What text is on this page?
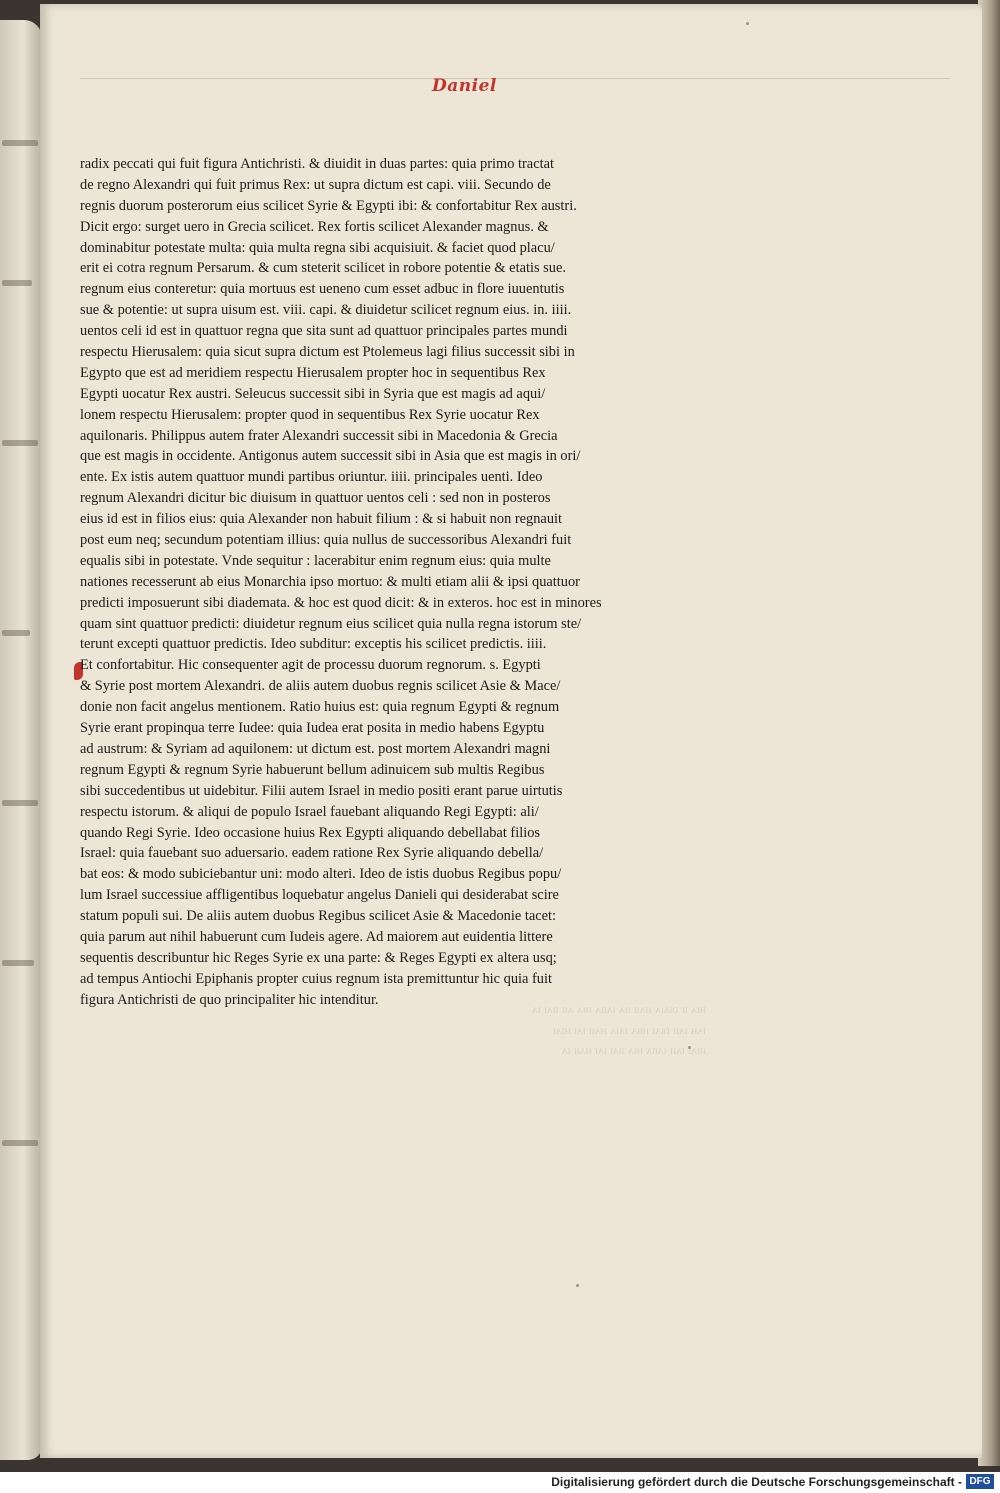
Daniel
radix peccati qui fuit figura Antichristi. & diuidit in duas partes: quia primo tractat
de regno Alexandri qui fuit primus Rex: ut supra dictum est capi. viii. Secundo de
regnis duorum posterorum eius scilicet Syrie & Egypti ibi: & confortabitur Rex austri.
Dicit ergo: surget uero in Grecia scilicet. Rex fortis scilicet Alexander magnus. &
dominabitur potestate multa: quia multa regna sibi acquisiuit. & faciet quod placu/
erit ei cotra regnum Persarum. & cum steterit scilicet in robore potentie & etatis sue.
regnum eius conteretur: quia mortuus est ueneno cum esset adbuc in flore iuuentutis
sue & potentie: ut supra uisum est. viii. capi. & diuidetur scilicet regnum eius. in. iiii.
uentos celi id est in quattuor regna que sita sunt ad quattuor principales partes mundi
respectu Hierusalem: quia sicut supra dictum est Ptolemeus lagi filius successit sibi in
Egypto que est ad meridiem respectu Hierusalem propter hoc in sequentibus Rex
Egypti uocatur Rex austri. Seleucus successit sibi in Syria que est magis ad aqui/
lonem respectu Hierusalem: propter quod in sequentibus Rex Syrie uocatur Rex
aquilonaris. Philippus autem frater Alexandri successit sibi in Macedonia & Grecia
que est magis in occidente. Antigonus autem successit sibi in Asia que est magis in ori/
ente. Ex istis autem quattuor mundi partibus oriuntur. iiii. principales uenti. Ideo
regnum Alexandri dicitur bic diuisum in quattuor uentos celi : sed non in posteros
eius id est in filios eius: quia Alexander non habuit filium : & si habuit non regnauit
post eum neq; secundum potentiam illius: quia nullus de successoribus Alexandri fuit
equalis sibi in potestate. Vnde sequitur : lacerabitur enim regnum eius: quia multe
nationes recesserunt ab eius Monarchia ipso mortuo: & multi etiam alii & ipsi quattuor
predicti imposuerunt sibi diademata. & hoc est quod dicit: & in exteros. hoc est in minores
quam sint quattuor predicti: diuidetur regnum eius scilicet quia nulla regna istorum ste/
terunt excepti quattuor predictis. Ideo subditur: exceptis his scilicet predictis. iiii.
Et confortabitur. Hic consequenter agit de processu duorum regnorum. s. Egypti
& Syrie post mortem Alexandri. de aliis autem duobus regnis scilicet Asie & Mace/
donie non facit angelus mentionem. Ratio huius est: quia regnum Egypti & regnum
Syrie erant propinqua terre Iudee: quia Iudea erat posita in medio habens Egyptu
ad austrum: & Syriam ad aquilonem: ut dictum est. post mortem Alexandri magni
regnum Egypti & regnum Syrie habuerunt bellum adinuicem sub multis Regibus
sibi succedentibus ut uidebitur. Filii autem Israel in medio positi erant parue uirtutis
respectu istorum. & aliqui de populo Israel fauebant aliquando Regi Egypti: ali/
quando Regi Syrie. Ideo occasione huius Rex Egypti aliquando debellabat filios
Israel: quia fauebant suo aduersario. eadem ratione Rex Syrie aliquando debella/
bat eos: & modo subiciebantur uni: modo alteri. Ideo de istis duobus Regibus popu/
lum Israel successiue affligentibus loquebatur angelus Danieli qui desiderabat scire
statum populi sui. De aliis autem duobus Regibus scilicet Asie & Macedonie tacet:
quia parum aut nihil habuerunt cum Iudeis agere. Ad maiorem aut euidentia littere
sequentis describuntur hic Reges Syrie ex una parte: & Reges Egypti ex altera usq;
ad tempus Antiochi Epiphanis propter cuius regnum ista premittuntur hic quia fuit
figura Antichristi de quo principaliter hic intenditur.
ᴴᴵᴬ ᴵᴵ ᴰᴵᴬᴵᴬ ᴴᴬᴵᴵ ᴵᴵᴬ ᴵᴬᴵᴵᴬ ᴴᴵᴬ ᴬᴵᴵ ᴵᴵᴬᴵ ᴵᴬ
ᴵᴬᴴ ᴵᴬᴵᴵ ᴰᴵᴬᴵ ᴴᴵᴵᴬ ᴵᴬᴵᴬ ᴴᴬᴵᴵ ᴵᴬᴵ ᴴᴵᴬᴵ
ᴴᴵᴬᴵ ᴵᴬᴴ ᴵᴬᴵᴵᴬ ᴴᴵᴬ ᴵᴵᴬᴵ ᴵᴬᴵ ᴴᴬᴵᴵ ᴵᴬ
Digitalisierung gefördert durch die Deutsche Forschungsgemeinschaft - DFG
